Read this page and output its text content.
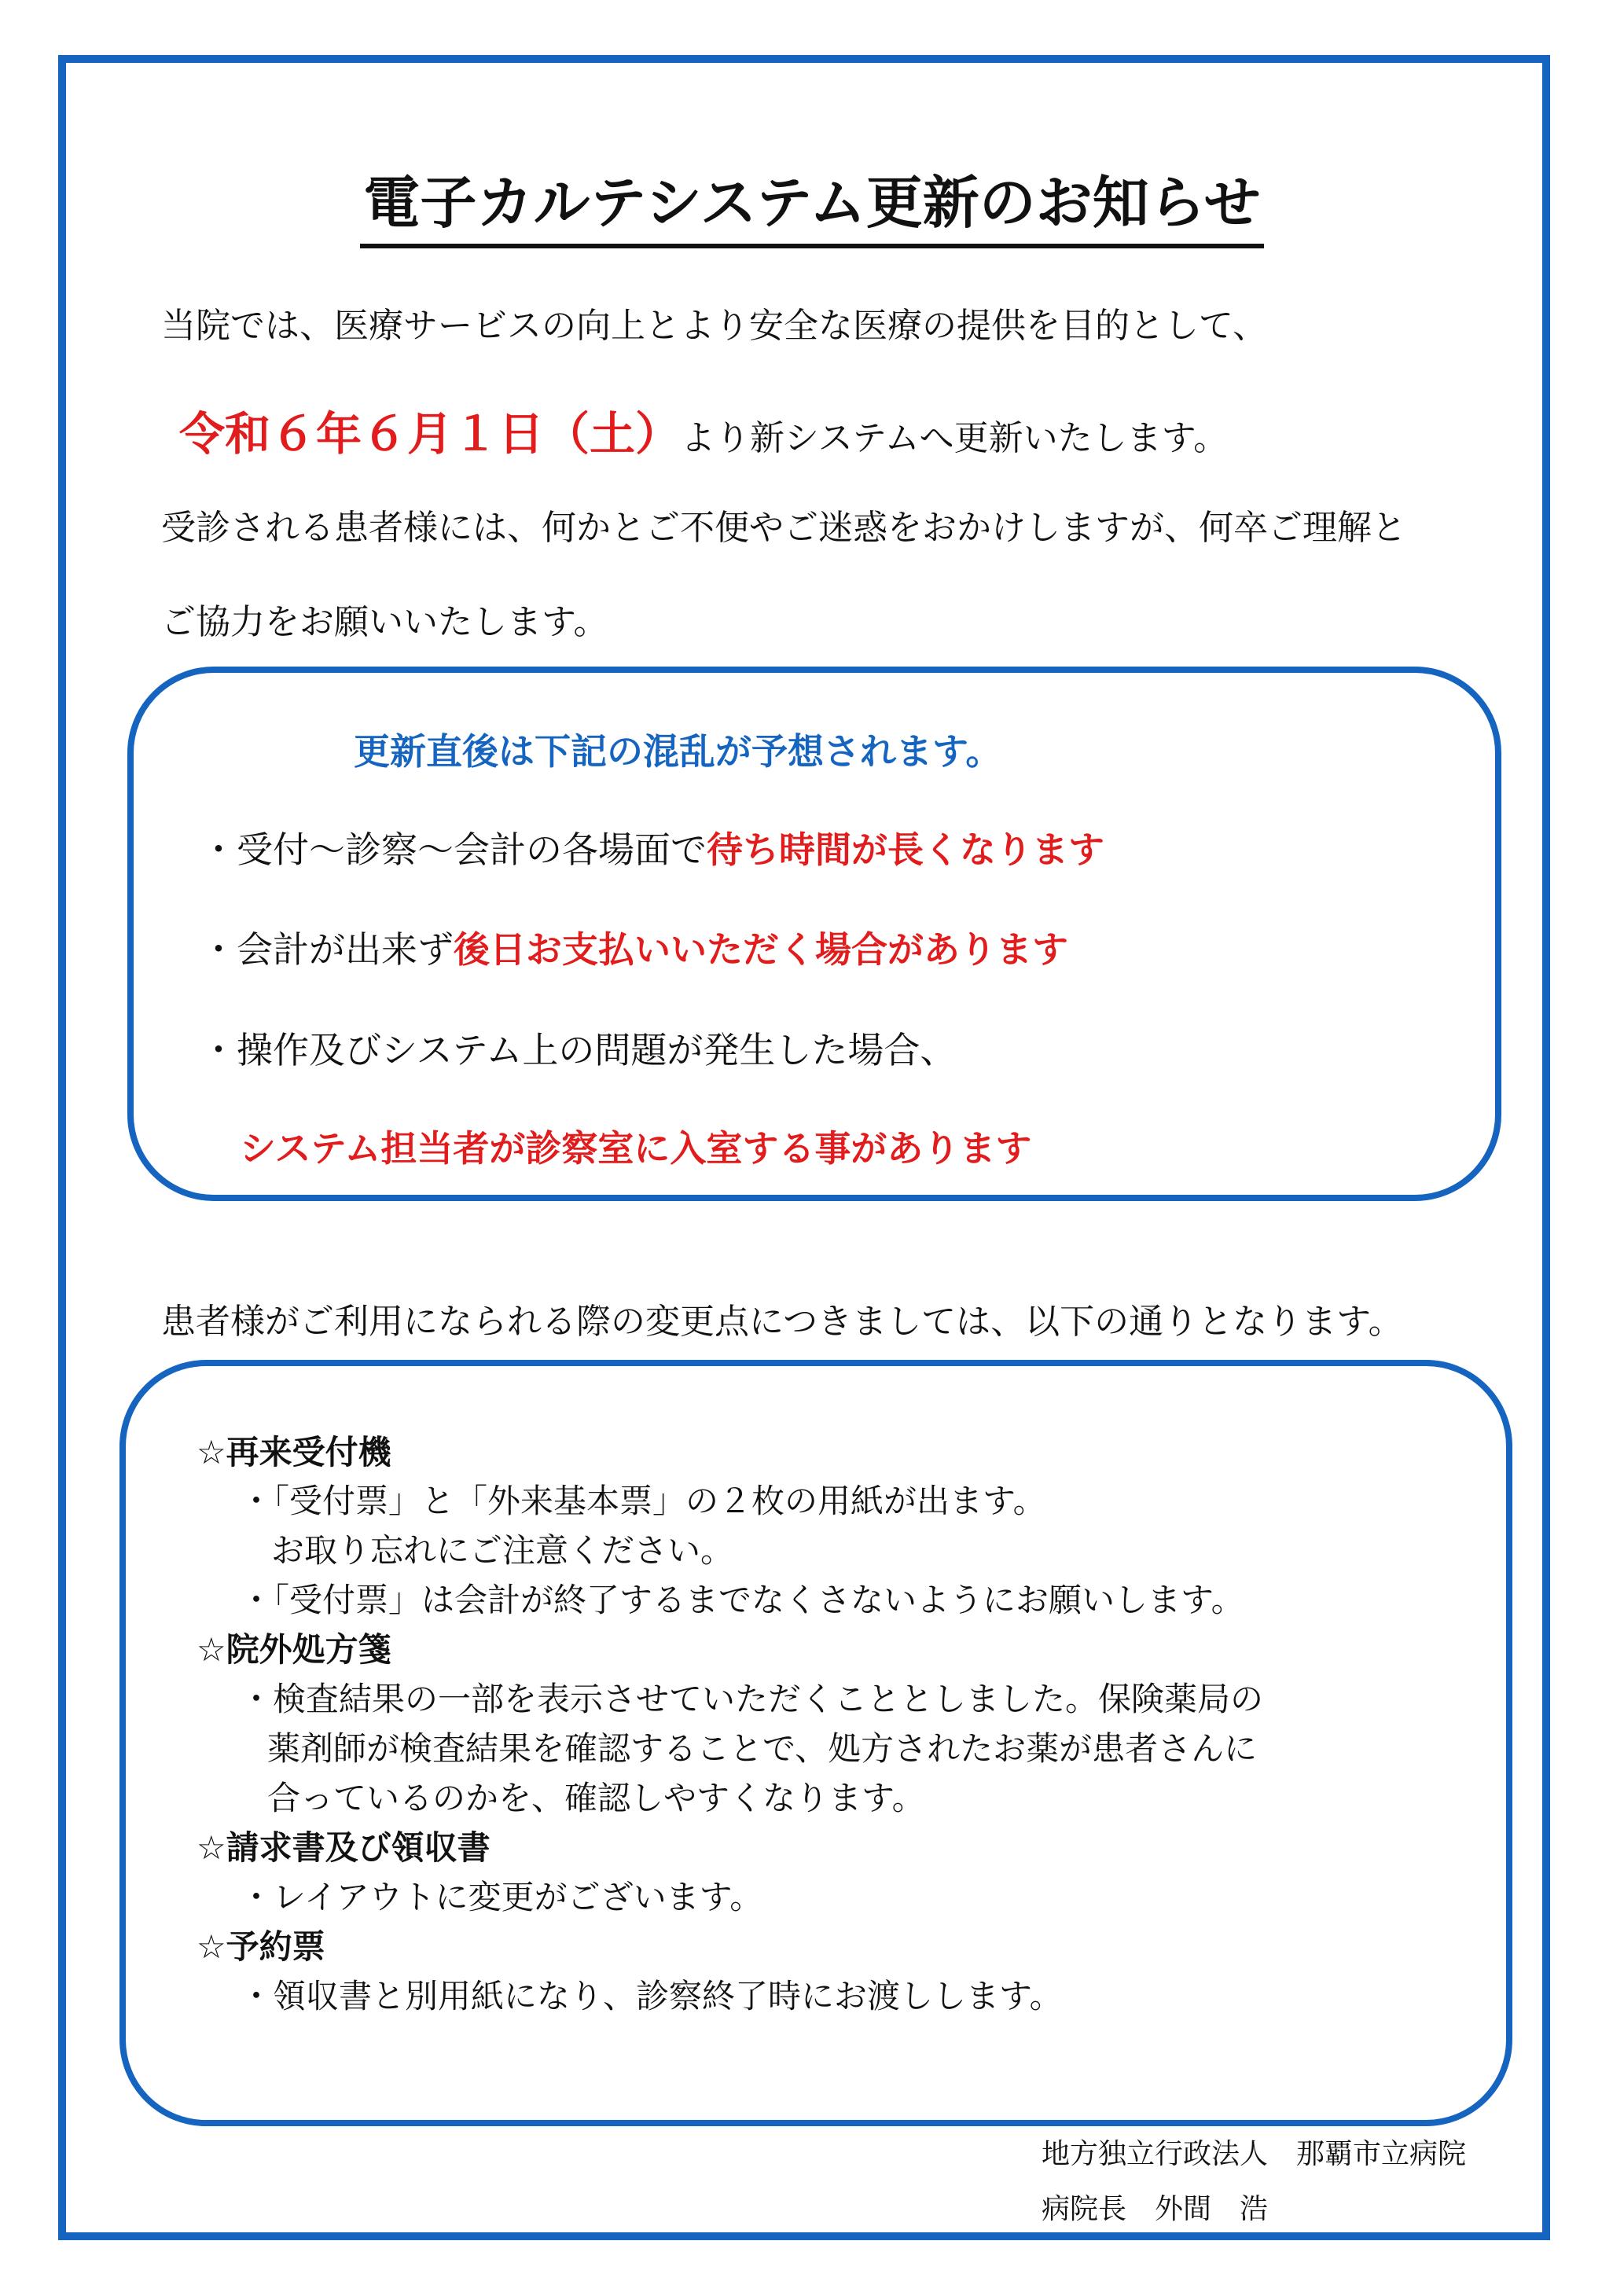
電子カルテシステム更新のお知らせ
当院では、医療サービスの向上とより安全な医療の提供を目的として、
令和６年６月１日（土）より新システムへ更新いたします。
受診される患者様には、何かとご不便やご迷惑をおかけしますが、何卒ご理解と
ご協力をお願いいたします。
更新直後は下記の混乱が予想されます。
・受付～診察～会計の各場面で待ち時間が長くなります
・会計が出来ず後日お支払いいただく場合があります
・操作及びシステム上の問題が発生した場合、
システム担当者が診察室に入室する事があります
患者様がご利用になられる際の変更点につきましては、以下の通りとなります。
☆再来受付機
・「受付票」と「外来基本票」の２枚の用紙が出ます。
お取り忘れにご注意ください。
・「受付票」は会計が終了するまでなくさないようにお願いします。
☆院外処方箋
・検査結果の一部を表示させていただくこととしました。保険薬局の
薬剤師が検査結果を確認することで、処方されたお薬が患者さんに
合っているのかを、確認しやすくなります。
☆請求書及び領収書
・レイアウトに変更がございます。
☆予約票
・領収書と別用紙になり、診察終了時にお渡しします。
地方独立行政法人　那覇市立病院
病院長　外間　浩
